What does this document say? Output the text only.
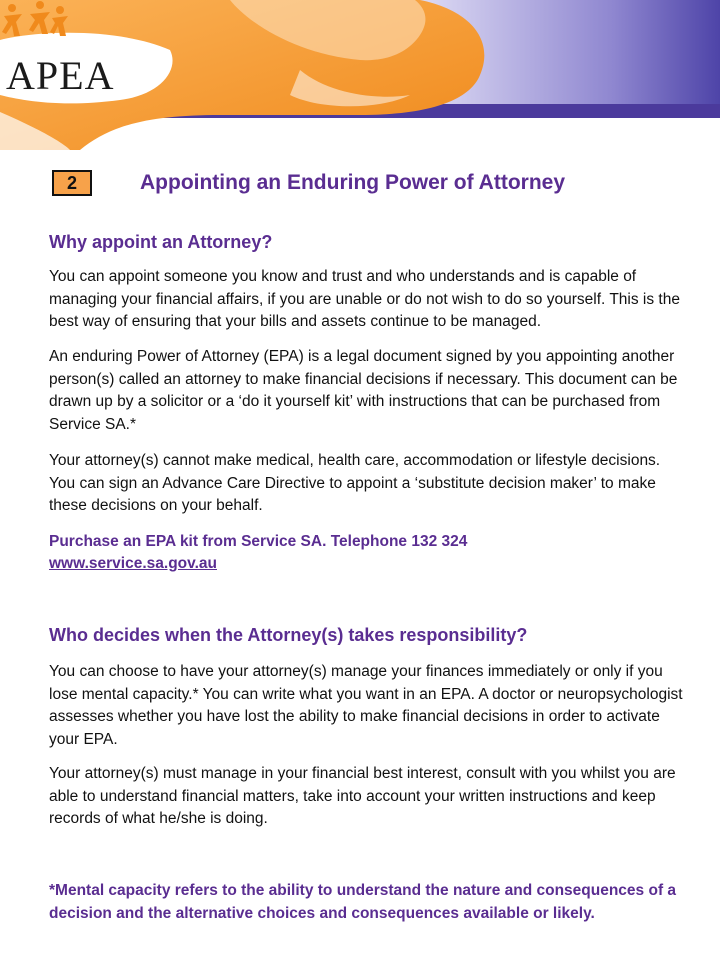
APEA

2	Appointing an Enduring Power of Attorney
Why appoint an Attorney?

You can appoint someone you know and trust and who understands and is capable of managing your financial affairs, if you are unable or do not wish to do so yourself. This is the best way of ensuring that your bills and assets continue to be managed.

An enduring Power of Attorney (EPA) is a legal document signed by you appointing another person(s) called an attorney to make financial decisions if necessary. This document can be drawn up by a solicitor or a ‘do it yourself kit’ with instructions that can be purchased from Service SA.*

Your attorney(s) cannot make medical, health care, accommodation or lifestyle decisions. You can sign an Advance Care Directive to appoint a ‘substitute decision maker’ to make these decisions on your behalf.

Purchase an EPA kit from Service SA. Telephone 132 324

www.service.sa.gov.au
Who decides when the Attorney(s) takes responsibility?

You can choose to have your attorney(s) manage your finances immediately or only if you lose mental capacity.* You can write what you want in an EPA. A doctor or neuropsychologist assesses whether you have lost the ability to make financial decisions in order to activate your EPA.

Your attorney(s) must manage in your financial best interest, consult with you whilst you are able to understand financial matters, take into account your written instructions and keep records of what he/she is doing.

*Mental capacity refers to the ability to understand the nature and consequences of a decision and the alternative choices and consequences available or likely.
